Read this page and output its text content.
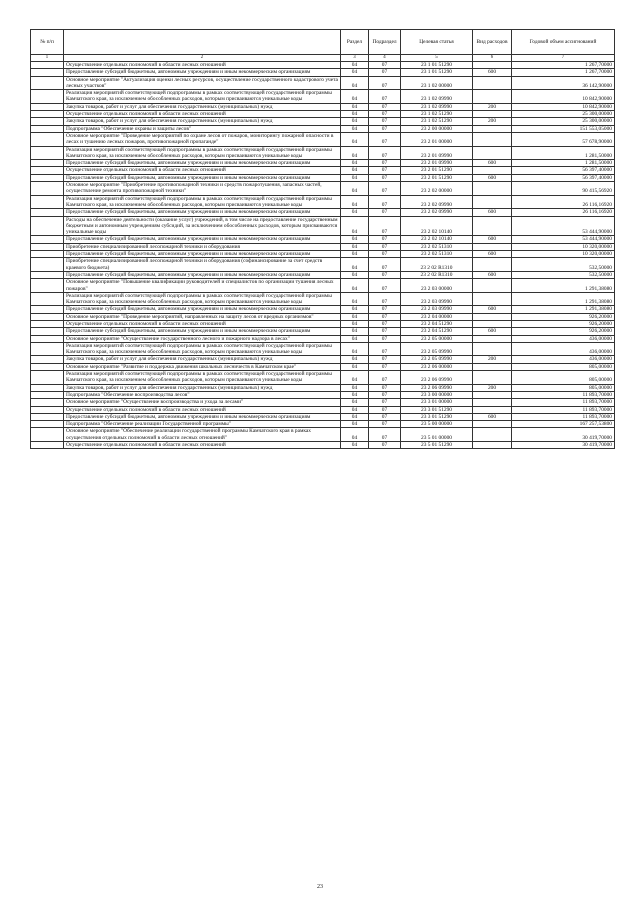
№ п/п		Раздел	Подраздел	Целевая статья	Вид расходов	Годовой объем ассигнований
1	2	3	4	5	6	7
	Осуществление отдельных полномочий в области лесных отношений	04	07	23 1 01 51290		1 267,70000
	Предоставление субсидий бюджетным, автономным учреждениям и иным некоммерческим организациям	04	07	23 1 01 51290	600	1 267,70000
	Основное мероприятие "Актуализация оценки лесных ресурсов, осуществление государственного кадастрового учета лесных участков"	04	07	23 1 02 00000		36 142,90000
	Реализация мероприятий соответствующей подпрограммы в рамках соответствующей государственной программы Камчатского края, за исключением обособленных расходов, которым присваиваются уникальные коды	04	07	23 1 02 09990		10 842,90000
	Закупка товаров, работ и услуг для обеспечения государственных (муниципальных) нужд	04	07	23 1 02 09990	200	10 842,90000
	Осуществление отдельных полномочий в области лесных отношений	04	07	23 1 02 51290		25 300,00000
	Закупка товаров, работ и услуг для обеспечения государственных (муниципальных) нужд	04	07	23 1 02 51290	200	25 300,00000
	Подпрограмма "Обеспечение охраны и защиты лесов"	04	07	23 2 00 00000		151 553,05000
	Основное мероприятие "Проведение мероприятий по охране лесов от пожаров, мониторингу пожарной опасности в лесах и тушению лесных пожаров, противопожарной пропаганде"	04	07	23 2 01 00000		57 678,90000
	Реализация мероприятий соответствующей подпрограммы в рамках соответствующей государственной программы Камчатского края, за исключением обособленных расходов, которым присваиваются уникальные коды	04	07	23 2 01 09990		1 281,50000
	Предоставление субсидий бюджетным, автономным учреждениям и иным некоммерческим организациям	04	07	23 2 01 09990	600	1 281,50000
	Осуществление отдельных полномочий в области лесных отношений	04	07	23 2 01 51290		56 397,40000
	Предоставление субсидий бюджетным, автономным учреждениям и иным некоммерческим организациям	04	07	23 2 01 51290	600	56 397,40000
	Основное мероприятие "Приобретение противопожарной техники и средств пожаротушения, запасных частей, осуществление ремонта противопожарной техники"	04	07	23 2 02 00000		90 415,56920
	Реализация мероприятий соответствующей подпрограммы в рамках соответствующей государственной программы Камчатского края, за исключением обособленных расходов, которым присваиваются уникальные коды	04	07	23 2 02 09990		26 116,16920
	Предоставление субсидий бюджетным, автономным учреждениям и иным некоммерческим организациям	04	07	23 2 02 09990	600	26 116,16920
	Расходы на обеспечение деятельности (оказание услуг) учреждений, в том числе на предоставление государственным бюджетным и автономным учреждениям субсидий, за исключением обособленных расходов, которым присваиваются уникальные коды	04	07	23 2 02 10140		53 444,90000
	Предоставление субсидий бюджетным, автономным учреждениям и иным некоммерческим организациям	04	07	23 2 02 10140	600	53 444,90000
	Приобретение специализированной лесопожарной техники и оборудования	04	07	23 2 02 51310		10 320,00000
	Предоставление субсидий бюджетным, автономным учреждениям и иным некоммерческим организациям	04	07	23 2 02 51310	600	10 320,00000
	Приобретение специализированной лесопожарной техники и оборудования (софинансирование за счет средств краевого бюджета)	04	07	23 2 02 R1310		532,50000
	Предоставление субсидий бюджетным, автономным учреждениям и иным некоммерческим организациям	04	07	23 2 02 R1310	600	532,50000
	Основное мероприятие "Повышение квалификации руководителей и специалистов по организации тушения лесных пожаров"	04	07	23 2 03 00000		1 291,38080
	Реализация мероприятий соответствующей подпрограммы в рамках соответствующей государственной программы Камчатского края, за исключением обособленных расходов, которым присваиваются уникальные коды	04	07	23 2 03 09990		1 291,38080
	Предоставление субсидий бюджетным, автономным учреждениям и иным некоммерческим организациям	04	07	23 2 03 09990	600	1 291,38080
	Основное мероприятие "Проведение мероприятий, направленных на защиту лесов от вредных организмов"	04	07	23 2 04 00000		926,20000
	Осуществление отдельных полномочий в области лесных отношений	04	07	23 2 04 51290		926,20000
	Предоставление субсидий бюджетным, автономным учреждениям и иным некоммерческим организациям	04	07	23 2 04 51290	600	926,20000
	Основное мероприятие "Осуществление государственного лесного и пожарного надзора в лесах"	04	07	23 2 05 00000		436,00000
	Реализация мероприятий соответствующей подпрограммы в рамках соответствующей государственной программы Камчатского края, за исключением обособленных расходов, которым присваиваются уникальные коды	04	07	23 2 05 09990		436,00000
	Закупка товаров, работ и услуг для обеспечения государственных (муниципальных) нужд	04	07	23 2 05 09990	200	436,00000
	Основное мероприятие "Развитие и поддержка движения школьных лесничеств в Камчатском крае"	04	07	23 2 06 00000		805,00000
	Реализация мероприятий соответствующей подпрограммы в рамках соответствующей государственной программы Камчатского края, за исключением обособленных расходов, которым присваиваются уникальные коды	04	07	23 2 06 09990		805,00000
	Закупка товаров, работ и услуг для обеспечения государственных (муниципальных) нужд	04	07	23 2 06 09990	200	805,00000
	Подпрограмма "Обеспечение воспроизводства лесов"	04	07	23 3 00 00000		11 893,70000
	Основное мероприятие "Осуществление воспроизводства и ухода за лесами"	04	07	23 3 01 00000		11 893,70000
	Осуществление отдельных полномочий в области лесных отношений	04	07	23 3 01 51290		11 893,70000
	Предоставление субсидий бюджетным, автономным учреждениям и иным некоммерческим организациям	04	07	23 3 01 51290	600	11 893,70000
	Подпрограмма "Обеспечение реализации Государственной программы"	04	07	23 5 00 00000		167 257,53800
	Основное мероприятие "Обеспечение реализации государственной программы Камчатского края в рамках осуществления отдельных полномочий в области лесных отношений"	04	07	23 5 01 00000		30 419,70000
	Осуществление отдельных полномочий в области лесных отношений	04	07	23 5 01 51290		30 419,70000
23
